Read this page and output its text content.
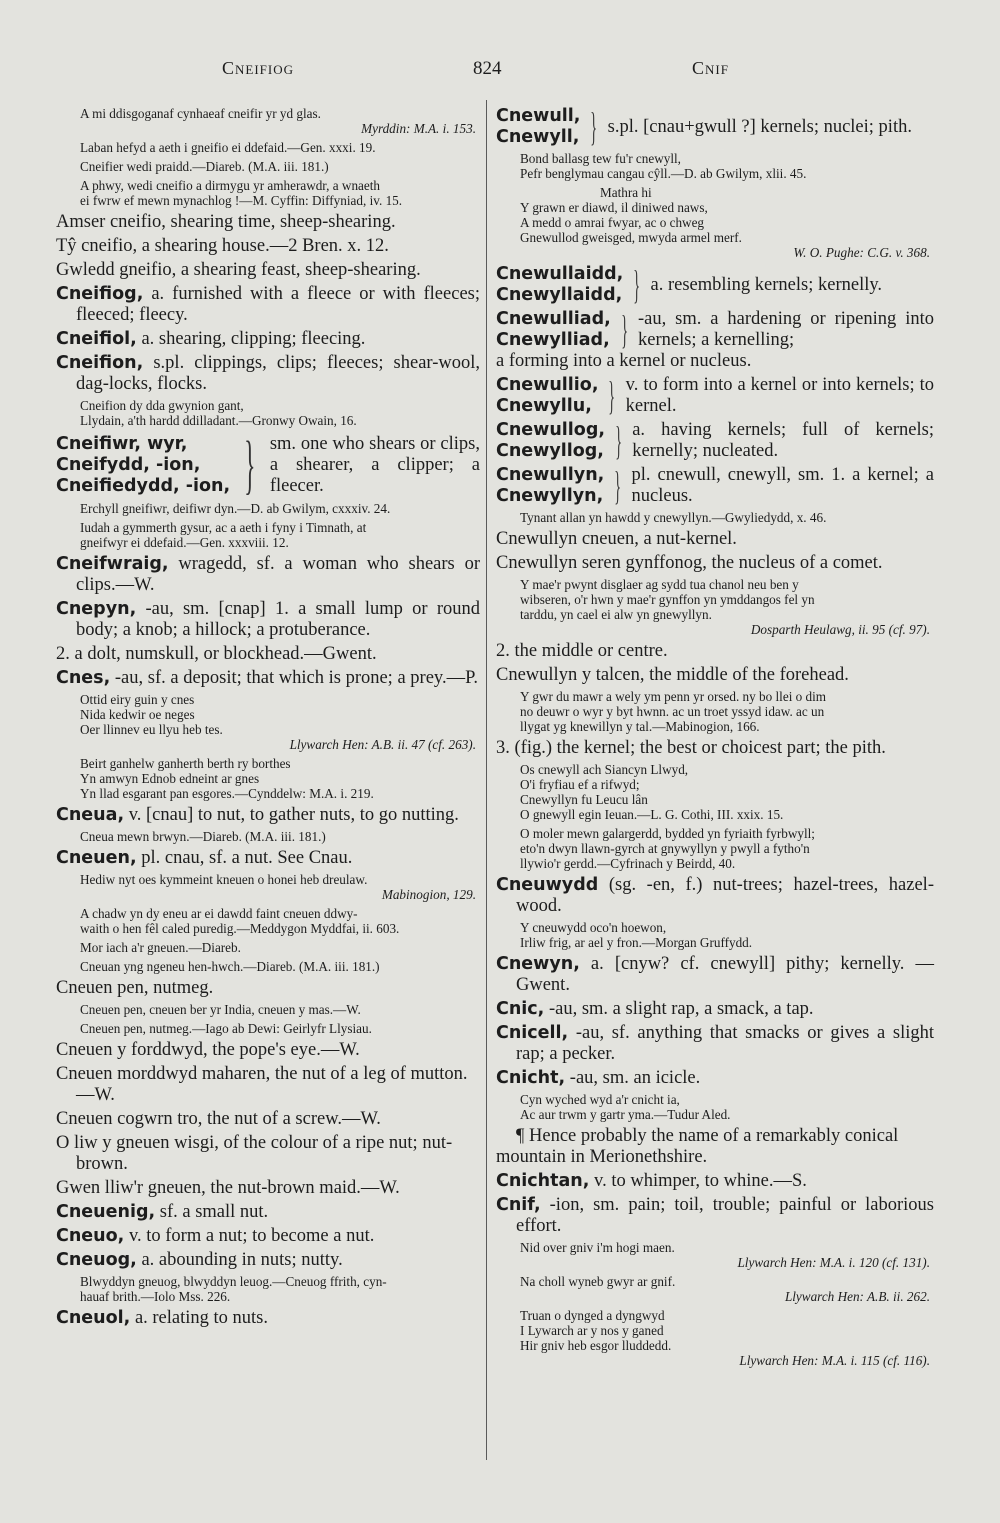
Cneifiog	824	Cnif
A mi ddisgoganaf cynhaeaf cneifir yr yd glas.
Myrddin: M.A. i. 153.
Laban hefyd a aeth i gneifio ei ddefaid.—Gen. xxxi. 19.
Cneifier wedi praidd.—Diareb. (M.A. iii. 181.)
A phwy, wedi cneifio a dirmygu yr amherawdr, a wnaeth
ei fwrw ef mewn mynachlog !—M. Cyffin: Diffyniad, iv. 15.
Amser cneifio, shearing time, sheep-shearing.
Tŷ cneifio, a shearing house.—2 Bren. x. 12.
Gwledd gneifio, a shearing feast, sheep-shearing.
Cneifiog, a. furnished with a fleece or with fleeces; fleeced; fleecy.
Cneifiol, a. shearing, clipping; fleecing.
Cneifion, s.pl. clippings, clips; fleeces; shear-wool, dag-locks, flocks.
Cneifion dy dda gwynion gant,
Llydain, a'th hardd ddilladant.—Gronwy Owain, 16.
Cneifiwr, wyr,
Cneifydd, -ion,
Cneifiedydd, -ion, } sm. one who shears or clips, a shearer, a clipper; a fleecer.
Erchyll gneifiwr, deifiwr dyn.—D. ab Gwilym, cxxxiv. 24.
Iudah a gymmerth gysur, ac a aeth i fyny i Timnath, at
gneifwyr ei ddefaid.—Gen. xxxviii. 12.
Cneifwraig, wragedd, sf. a woman who shears or clips.—W.
Cnepyn, -au, sm. [cnap] 1. a small lump or round body; a knob; a hillock; a protuberance.
2. a dolt, numskull, or blockhead.—Gwent.
Cnes, -au, sf. a deposit; that which is prone; a prey.—P.
Ottid eiry guin y cnes
Nida kedwir oe neges
Oer llinnev eu llyu heb tes.
Llywarch Hen: A.B. ii. 47 (cf. 263).
Beirt ganhelw ganherth berth ry borthes
Yn amwyn Ednob edneint ar gnes
Yn llad esgarant pan esgores.—Cynddelw: M.A. i. 219.
Cneua, v. [cnau] to nut, to gather nuts, to go nutting.
Cneua mewn brwyn.—Diareb. (M.A. iii. 181.)
Cneuen, pl. cnau, sf. a nut. See Cnau.
Hediw nyt oes kymmeint kneuen o honei heb dreulaw.
Mabinogion, 129.
A chadw yn dy eneu ar ei dawdd faint cneuen ddwy-
waith o hen fêl caled puredig.—Meddygon Myddfai, ii. 603.
Mor iach a'r gneuen.—Diareb.
Cneuan yng ngeneu hen-hwch.—Diareb. (M.A. iii. 181.)
Cneuen pen, nutmeg.
Cneuen pen, cneuen ber yr India, cneuen y mas.—W.
Cneuen pen, nutmeg.—Iago ab Dewi: Geirlyfr Llysiau.
Cneuen y forddwyd, the pope's eye.—W.
Cneuen morddwyd maharen, the nut of a leg of mutton.—W.
Cneuen cogwrn tro, the nut of a screw.—W.
O liw y gneuen wisgi, of the colour of a ripe nut; nut-brown.
Gwen lliw'r gneuen, the nut-brown maid.—W.
Cneuenig, sf. a small nut.
Cneuo, v. to form a nut; to become a nut.
Cneuog, a. abounding in nuts; nutty.
Blwyddyn gneuog, blwyddyn leuog.—Cneuog ffrith, cyn-
hauaf brith.—Iolo Mss. 226.
Cneuol, a. relating to nuts.
Cnewull,
Cnewyll, } s.pl. [cnau+gwull ?] kernels; nuclei; pith.
Bond ballasg tew fu'r cnewyll,
Pefr benglymau cangau cŷll.—D. ab Gwilym, xlii. 45.
Mathra hi
Y grawn er diawd, il diniwed naws,
A medd o amrai fwyar, ac o chweg
Gnewullod gweisged, mwyda armel merf.
W. O. Pughe: C.G. v. 368.
Cnewullaidd,
Cnewyllaidd, } a. resembling kernels; kernelly.
Cnewulliad,
Cnewylliad, } -au, sm. a hardening or ripening into kernels; a kernelling;
a forming into a kernel or nucleus.
Cnewullio,
Cnewyllu, } v. to form into a kernel or into kernels; to kernel.
Cnewullog,
Cnewyllog, } a. having kernels; full of kernels; kernelly; nucleated.
Cnewullyn,
Cnewyllyn, } pl. cnewull, cnewyll, sm. 1. a kernel; a nucleus.
Tynant allan yn hawdd y cnewyllyn.—Gwyliedydd, x. 46.
Cnewullyn cneuen, a nut-kernel.
Cnewullyn seren gynffonog, the nucleus of a comet.
Y mae'r pwynt disglaer ag sydd tua chanol neu ben y
wibseren, o'r hwn y mae'r gynffon yn ymddangos fel yn
tarddu, yn cael ei alw yn gnewyllyn.
Dosparth Heulawg, ii. 95 (cf. 97).
2. the middle or centre.
Cnewullyn y talcen, the middle of the forehead.
Y gwr du mawr a wely ym penn yr orsed. ny bo llei o dim
no deuwr o wyr y byt hwnn. ac un troet yssyd idaw. ac un
llygat yg knewillyn y tal.—Mabinogion, 166.
3. (fig.) the kernel; the best or choicest part; the pith.
Os cnewyll ach Siancyn Llwyd,
O'i fryfiau ef a rifwyd;
Cnewyllyn fu Leucu lân
O gnewyll egin Ieuan.—L. G. Cothi, III. xxix. 15.
O moler mewn galargerdd, bydded yn fyriaith fyrbwyll;
eto'n dwyn llawn-gyrch at gnywyllyn y pwyll a fytho'n
llywio'r gerdd.—Cyfrinach y Beirdd, 40.
Cneuwydd (sg. -en, f.) nut-trees; hazel-trees, hazel-wood.
Y cneuwydd oco'n hoewon,
Irliw frig, ar ael y fron.—Morgan Gruffydd.
Cnewyn, a. [cnyw? cf. cnewyll] pithy; kernelly. —Gwent.
Cnic, -au, sm. a slight rap, a smack, a tap.
Cnicell, -au, sf. anything that smacks or gives a slight rap; a pecker.
Cnicht, -au, sm. an icicle.
Cyn wyched wyd a'r cnicht ia,
Ac aur trwm y gartr yma.—Tudur Aled.
¶ Hence probably the name of a remarkably conical mountain in Merionethshire.
Cnichtan, v. to whimper, to whine.—S.
Cnif, -ion, sm. pain; toil, trouble; painful or laborious effort.
Nid over gniv i'm hogi maen.
Llywarch Hen: M.A. i. 120 (cf. 131).
Na choll wyneb gwyr ar gnif.
Llywarch Hen: A.B. ii. 262.
Truan o dynged a dyngwyd
I Lywarch ar y nos y ganed
Hir gniv heb esgor lluddedd.
Llywarch Hen: M.A. i. 115 (cf. 116).
